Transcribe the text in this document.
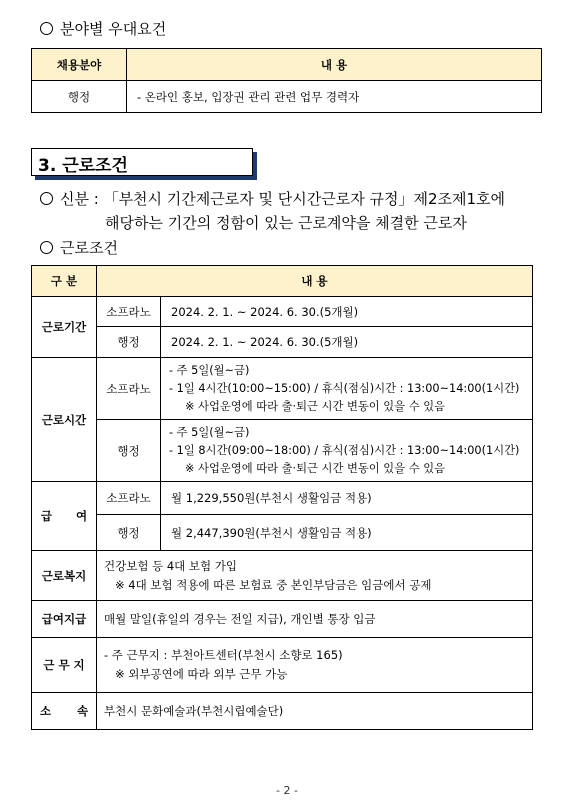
분야별 우대요건
채용분야	내 용
행정	- 온라인 홍보, 입장권 관리 관련 업무 경력자
3. 근로조건
신분 : 「부천시 기간제근로자 및 단시간근로자 규정」제2조제1호에
해당하는 기간의 정함이 있는 근로계약을 체결한 근로자
근로조건
구 분	내 용	
근로기간	소프라노	2024. 2. 1. ~ 2024. 6. 30.(5개월)
	행정	2024. 2. 1. ~ 2024. 6. 30.(5개월)
근로시간	소프라노	- 주 5일(월~금)
- 1일 4시간(10:00~15:00) / 휴식(점심)시간 : 13:00~14:00(1시간)
※ 사업운영에 따라 출·퇴근 시간 변동이 있을 수 있음

	행정	- 주 5일(월~금)
- 1일 8시간(09:00~18:00) / 휴식(점심)시간 : 13:00~14:00(1시간)
※ 사업운영에 따라 출·퇴근 시간 변동이 있을 수 있음

급 여	소프라노	월 1,229,550원(부천시 생활임금 적용)
	행정	월 2,447,390원(부천시 생활임금 적용)
근로복지	건강보험 등 4대 보험 가입
※ 4대 보험 적용에 따른 보험료 중 본인부담금은 임금에서 공제	

급여지급	매월 말일(휴일의 경우는 전일 지급), 개인별 통장 입금	
근 무 지	- 주 근무지 : 부천아트센터(부천시 소향로 165)
※ 외부공연에 따라 외부 근무 가능	

소 속	부천시 문화예술과(부천시립예술단)	
- 2 -
